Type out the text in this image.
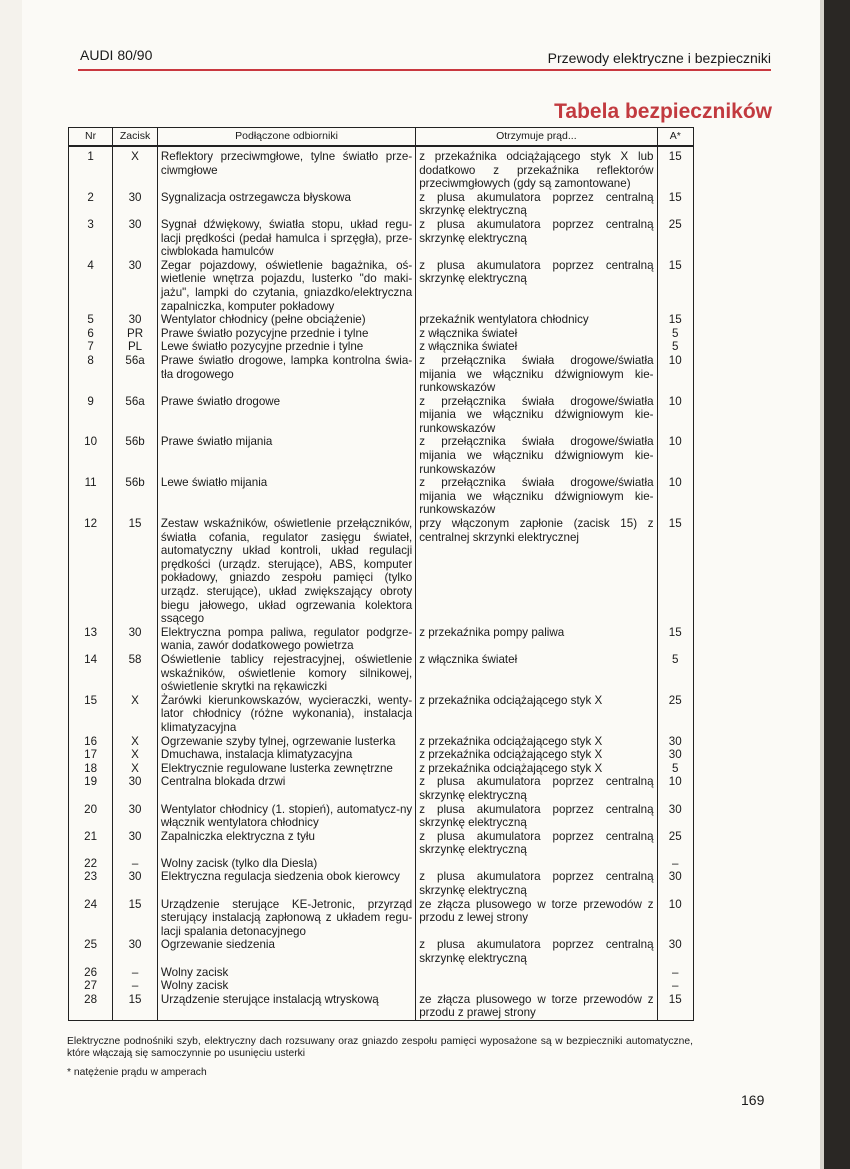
AUDI 80/90	Przewody elektryczne i bezpieczniki
Tabela bezpieczników
Nr	Zacisk	Podłączone odbiorniki	Otrzymuje prąd...	A*
1	X	Reflektory przeciwmgłowe, tylne światło prze-ciwmgłowe	z przekaźnika odciążającego styk X lub dodatkowo z przekaźnika reflektorów przeciwmgłowych (gdy są zamontowane)	15
2	30	Sygnalizacja ostrzegawcza błyskowa	z plusa akumulatora poprzez centralną skrzynkę elektryczną	15
3	30	Sygnał dźwiękowy, światła stopu, układ regu-lacji prędkości (pedał hamulca i sprzęgła), prze-ciwblokada hamulców	z plusa akumulatora poprzez centralną skrzynkę elektryczną	25
4	30	Zegar pojazdowy, oświetlenie bagażnika, oś-wietlenie wnętrza pojazdu, lusterko "do maki-jażu", lampki do czytania, gniazdko/elektryczna zapalniczka, komputer pokładowy	z plusa akumulatora poprzez centralną skrzynkę elektryczną	15
5	30	Wentylator chłodnicy (pełne obciążenie)	przekaźnik wentylatora chłodnicy	15
6	PR	Prawe światło pozycyjne przednie i tylne	z włącznika świateł	5
7	PL	Lewe światło pozycyjne przednie i tylne	z włącznika świateł	5
8	56a	Prawe światło drogowe, lampka kontrolna świa-tła drogowego	z przełącznika świała drogowe/światła mijania we włączniku dźwigniowym kie-runkowskazów	10
9	56a	Prawe światło drogowe	z przełącznika świała drogowe/światła mijania we włączniku dźwigniowym kie-runkowskazów	10
10	56b	Prawe światło mijania	z przełącznika świała drogowe/światła mijania we włączniku dźwigniowym kie-runkowskazów	10
11	56b	Lewe światło mijania	z przełącznika świała drogowe/światła mijania we włączniku dźwigniowym kie-runkowskazów	10
12	15	Zestaw wskaźników, oświetlenie przełączników, światła cofania, regulator zasięgu świateł, automatyczny układ kontroli, układ regulacji prędkości (urządz. sterujące), ABS, komputer pokładowy, gniazdo zespołu pamięci (tylko urządz. sterujące), układ zwiększający obroty biegu jałowego, układ ogrzewania kolektora ssącego	przy włączonym zapłonie (zacisk 15) z centralnej skrzynki elektrycznej	15
13	30	Elektryczna pompa paliwa, regulator podgrze-wania, zawór dodatkowego powietrza	z przekaźnika pompy paliwa	15
14	58	Oświetlenie tablicy rejestracyjnej, oświetlenie wskaźników, oświetlenie komory silnikowej, oświetlenie skrytki na rękawiczki	z włącznika świateł	5
15	X	Żarówki kierunkowskazów, wycieraczki, wenty-lator chłodnicy (różne wykonania), instalacja klimatyzacyjna	z przekaźnika odciążającego styk X	25
16	X	Ogrzewanie szyby tylnej, ogrzewanie lusterka	z przekaźnika odciążającego styk X	30
17	X	Dmuchawa, instalacja klimatyzacyjna	z przekaźnika odciążającego styk X	30
18	X	Elektrycznie regulowane lusterka zewnętrzne	z przekaźnika odciążającego styk X	5
19	30	Centralna blokada drzwi	z plusa akumulatora poprzez centralną skrzynkę elektryczną	10
20	30	Wentylator chłodnicy (1. stopień), automatycz-ny włącznik wentylatora chłodnicy	z plusa akumulatora poprzez centralną skrzynkę elektryczną	30
21	30	Zapalniczka elektryczna z tyłu	z plusa akumulatora poprzez centralną skrzynkę elektryczną	25
22	–	Wolny zacisk (tylko dla Diesla)		–
23	30	Elektryczna regulacja siedzenia obok kierowcy	z plusa akumulatora poprzez centralną skrzynkę elektryczną	30
24	15	Urządzenie sterujące KE-Jetronic, przyrząd sterujący instalacją zapłonową z układem regu-lacji spalania detonacyjnego	ze złącza plusowego w torze przewodów z przodu z lewej strony	10
25	30	Ogrzewanie siedzenia	z plusa akumulatora poprzez centralną skrzynkę elektryczną	30
26	–	Wolny zacisk		–
27	–	Wolny zacisk		–
28	15	Urządzenie sterujące instalacją wtryskową	ze złącza plusowego w torze przewodów z przodu z prawej strony	15
Elektryczne podnośniki szyb, elektryczny dach rozsuwany oraz gniazdo zespołu pamięci wyposażone są w bezpieczniki automatyczne, które włączają się samoczynnie po usunięciu usterki
* natężenie prądu w amperach
169
